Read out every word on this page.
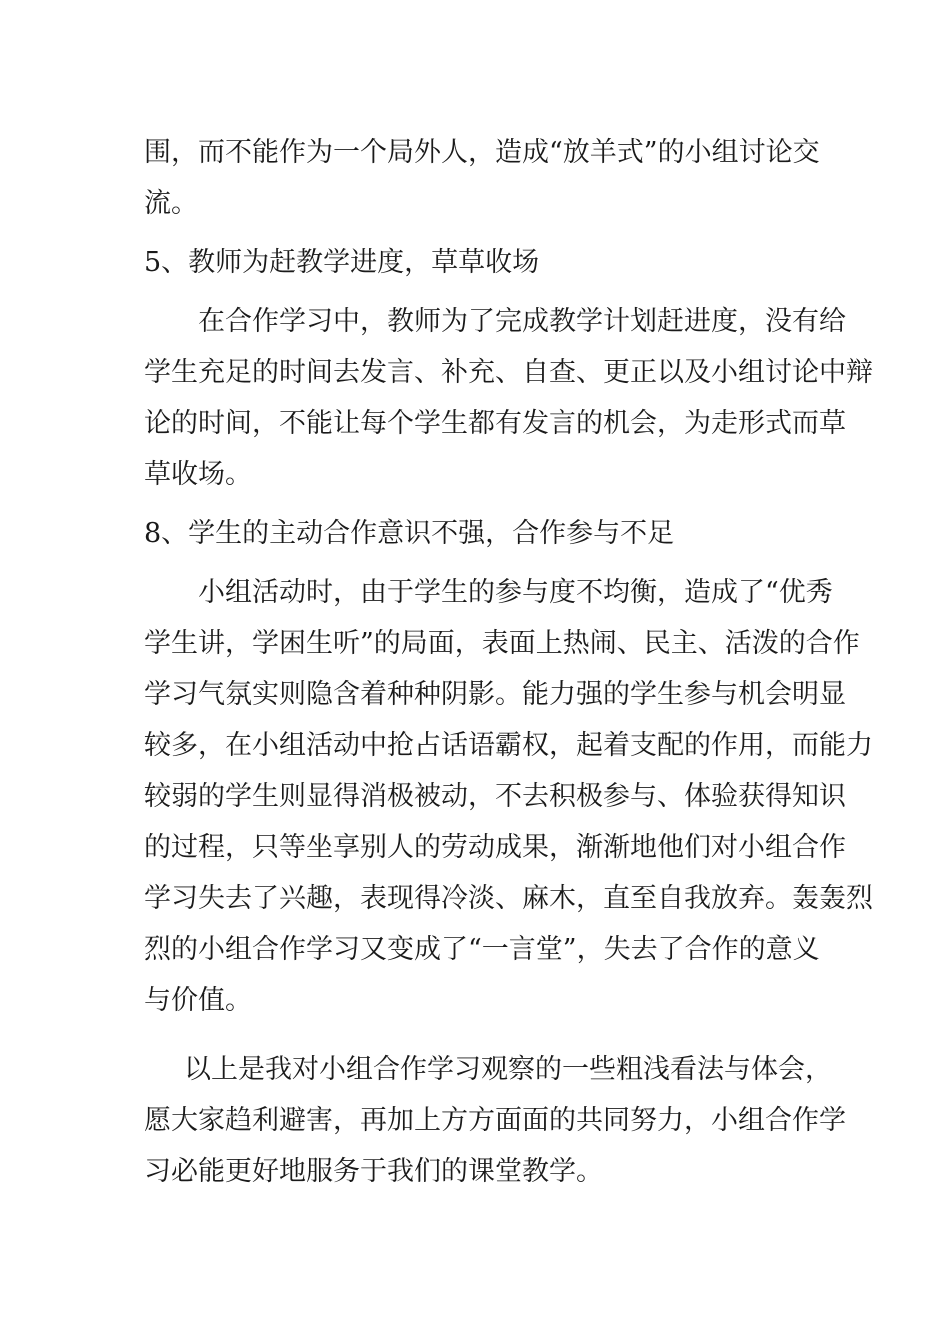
围，而不能作为一个局外人，造成“放羊式”的小组讨论交
流。
5、教师为赶教学进度，草草收场
在合作学习中，教师为了完成教学计划赶进度，没有给
学生充足的时间去发言、补充、自查、更正以及小组讨论中辩
论的时间，不能让每个学生都有发言的机会，为走形式而草
草收场。
8、学生的主动合作意识不强，合作参与不足
小组活动时，由于学生的参与度不均衡，造成了“优秀
学生讲，学困生听”的局面，表面上热闹、民主、活泼的合作
学习气氛实则隐含着种种阴影。能力强的学生参与机会明显
较多，在小组活动中抢占话语霸权，起着支配的作用，而能力
较弱的学生则显得消极被动，不去积极参与、体验获得知识
的过程，只等坐享别人的劳动成果，渐渐地他们对小组合作
学习失去了兴趣，表现得冷淡、麻木，直至自我放弃。轰轰烈
烈的小组合作学习又变成了“一言堂”，失去了合作的意义
与价值。
以上是我对小组合作学习观察的一些粗浅看法与体会，
愿大家趋利避害，再加上方方面面的共同努力，小组合作学
习必能更好地服务于我们的课堂教学。
